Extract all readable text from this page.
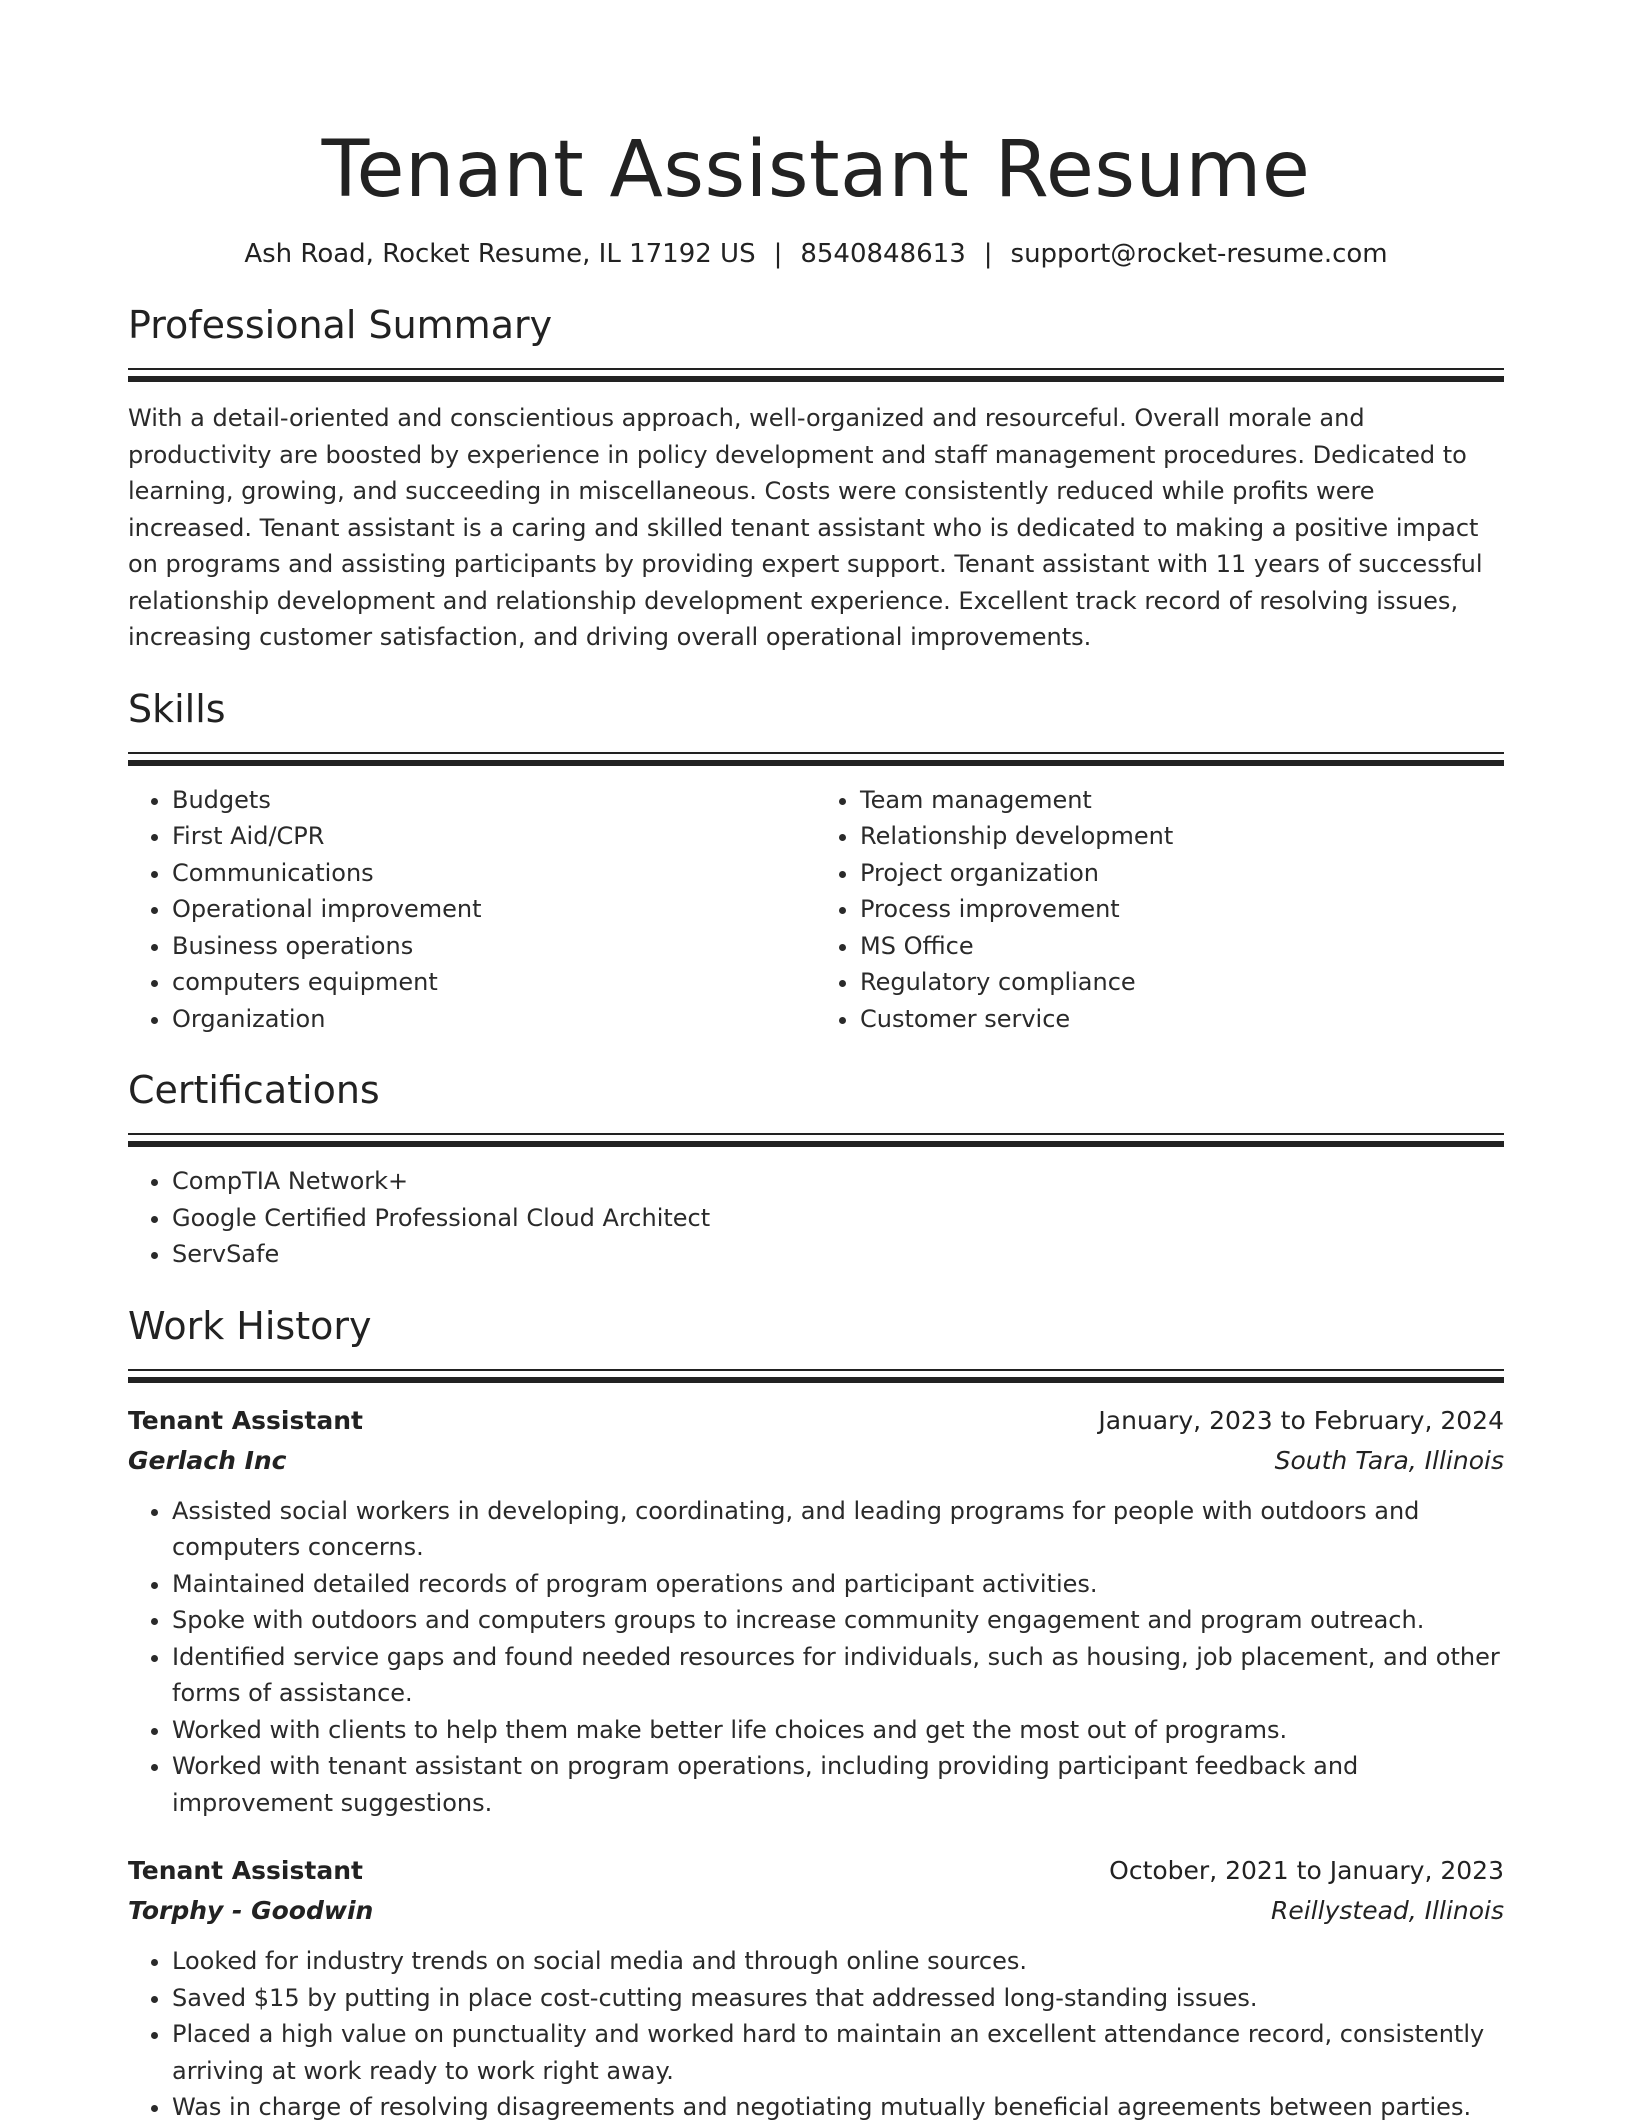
Tenant Assistant Resume
Ash Road, Rocket Resume, IL 17192 US | 8540848613 | support@rocket-resume.com
Professional Summary

With a detail-oriented and conscientious approach, well-organized and resourceful. Overall morale and productivity are boosted by experience in policy development and staff management procedures. Dedicated to learning, growing, and succeeding in miscellaneous. Costs were consistently reduced while profits were increased. Tenant assistant is a caring and skilled tenant assistant who is dedicated to making a positive impact on programs and assisting participants by providing expert support. Tenant assistant with 11 years of successful relationship development and relationship development experience. Excellent track record of resolving issues, increasing customer satisfaction, and driving overall operational improvements.

Skills
• Budgets
• First Aid/CPR
• Communications
• Operational improvement
• Business operations
• computers equipment
• Organization
• Team management
• Relationship development
• Project organization
• Process improvement
• MS Office
• Regulatory compliance
• Customer service
Certifications
• CompTIA Network+
• Google Certified Professional Cloud Architect
• ServSafe
Work History
Tenant Assistant	January, 2023 to February, 2024
Gerlach Inc	South Tara, Illinois
• Assisted social workers in developing, coordinating, and leading programs for people with outdoors and computers concerns.
• Maintained detailed records of program operations and participant activities.
• Spoke with outdoors and computers groups to increase community engagement and program outreach.
• Identified service gaps and found needed resources for individuals, such as housing, job placement, and other forms of assistance.
• Worked with clients to help them make better life choices and get the most out of programs.
• Worked with tenant assistant on program operations, including providing participant feedback and improvement suggestions.
Tenant Assistant	October, 2021 to January, 2023
Torphy - Goodwin	Reillystead, Illinois
• Looked for industry trends on social media and through online sources.
• Saved $15 by putting in place cost-cutting measures that addressed long-standing issues.
• Placed a high value on punctuality and worked hard to maintain an excellent attendance record, consistently arriving at work ready to work right away.
• Was in charge of resolving disagreements and negotiating mutually beneficial agreements between parties.
